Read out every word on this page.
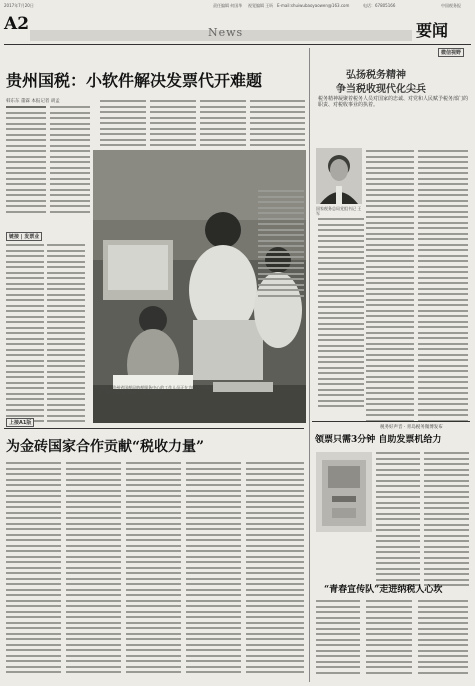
2017年7月20日	责任编辑 何国华 视觉编辑 王昕 E-mail:shuiwubaoyaowen@163.com	电话：67805166	中国税务报
A2	News	要闻
贵州国税：小软件解决发票代开难题
韩东东 董霖 本报记者 胡孟
链接 | 发票业
7月4日，贵州省国税局纳税服务中心的工作人员正在为纳税人讲解代开发票软件的使用方法。欧阳汉鹏 摄
上接A1版
为金砖国家合作贡献“税收力量”
微信视野
弘扬税务精神
争当税收现代化尖兵
税务精神凝聚着税务人员对国家的忠诚、对党和人民赋予税务部门的职责、对税收事业的执着。
国家税务总局党组书记 王军
税务好声音 · 青岛税务微博发布
领票只需3分钟 自助发票机给力
“青春宣传队”走进纳税人心坎
